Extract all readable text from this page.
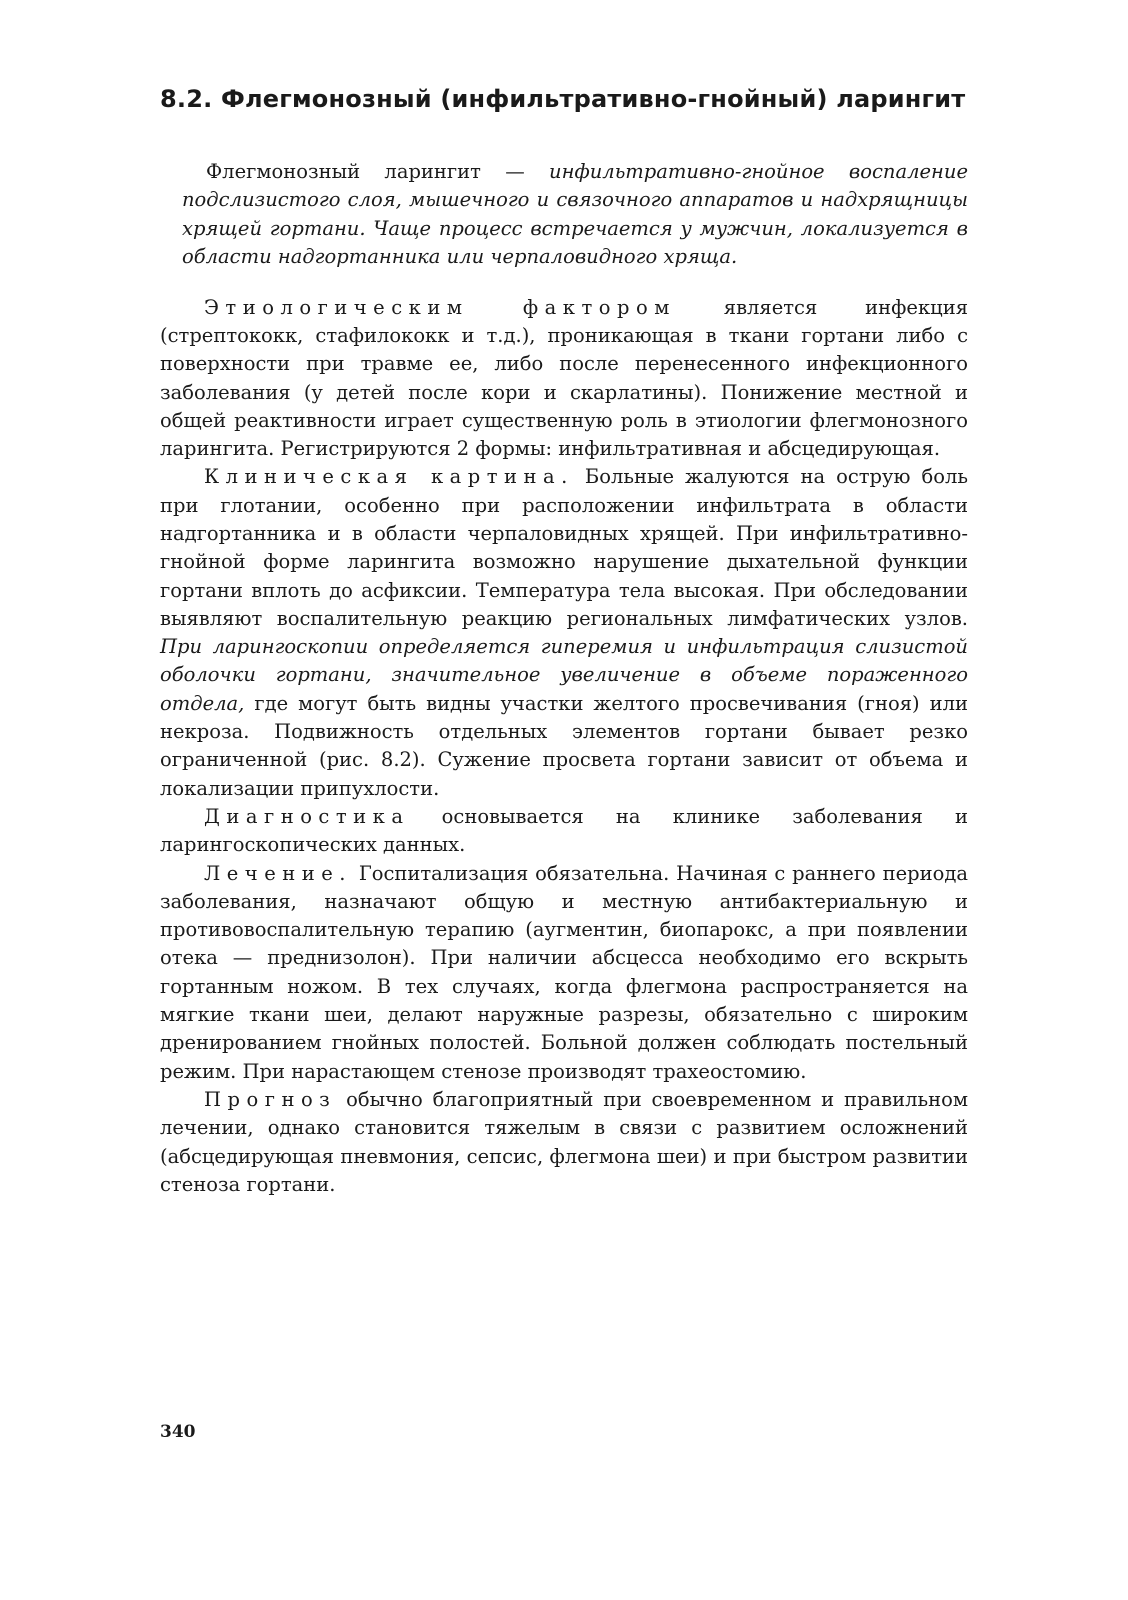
8.2. Флегмонозный (инфильтративно-гнойный) ларингит

Флегмонозный ларингит — инфильтративно-гнойное воспаление подслизистого слоя, мышечного и связочного аппаратов и надхрящницы хрящей гортани. Чаще процесс встречается у мужчин, локализуется в области надгортанника или черпаловидного хряща.

Этиологическим фактором является инфекция (стрептококк, стафилококк и т.д.), проникающая в ткани гортани либо с поверхности при травме ее, либо после перенесенного инфекционного заболевания (у детей после кори и скарлатины). Понижение местной и общей реактивности играет существенную роль в этиологии флегмонозного ларингита. Регистрируются 2 формы: инфильтративная и абсцедирующая.

Клиническая картина. Больные жалуются на острую боль при глотании, особенно при расположении инфильтрата в области надгортанника и в области черпаловидных хрящей. При инфильтративно-гнойной форме ларингита возможно нарушение дыхательной функции гортани вплоть до асфиксии. Температура тела высокая. При обследовании выявляют воспалительную реакцию региональных лимфатических узлов. При ларингоскопии определяется гиперемия и инфильтрация слизистой оболочки гортани, значительное увеличение в объеме пораженного отдела, где могут быть видны участки желтого просвечивания (гноя) или некроза. Подвижность отдельных элементов гортани бывает резко ограниченной (рис. 8.2). Сужение просвета гортани зависит от объема и локализации припухлости.

Диагностика основывается на клинике заболевания и ларингоскопических данных.

Лечение. Госпитализация обязательна. Начиная с раннего периода заболевания, назначают общую и местную антибактериальную и противовоспалительную терапию (аугментин, биопарокс, а при появлении отека — преднизолон). При наличии абсцесса необходимо его вскрыть гортанным ножом. В тех случаях, когда флегмона распространяется на мягкие ткани шеи, делают наружные разрезы, обязательно с широким дренированием гнойных полостей. Больной должен соблюдать постельный режим. При нарастающем стенозе производят трахеостомию.

Прогноз обычно благоприятный при своевременном и правильном лечении, однако становится тяжелым в связи с развитием осложнений (абсцедирующая пневмония, сепсис, флегмона шеи) и при быстром развитии стеноза гортани.

340
